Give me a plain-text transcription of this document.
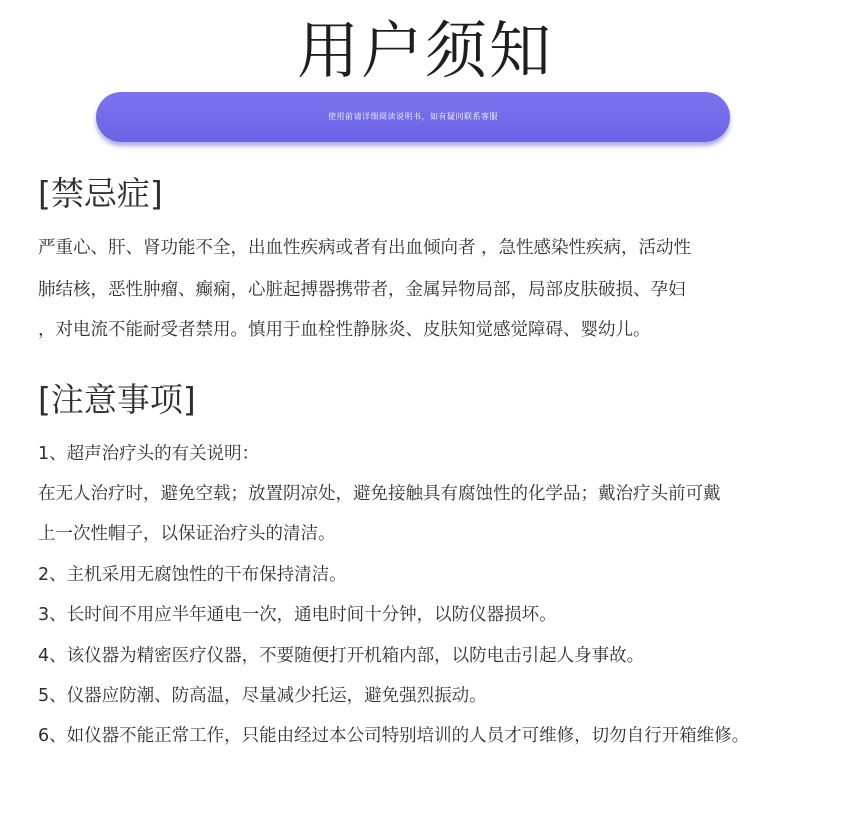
用户须知
使用前请详细阅读说明书，如有疑问联系客服
[禁忌症]
严重心、肝、肾功能不全，出血性疾病或者有出血倾向者 ，急性感染性疾病，活动性
肺结核，恶性肿瘤、癫痫，心脏起搏器携带者，金属异物局部，局部皮肤破损、孕妇
，对电流不能耐受者禁用。慎用于血栓性静脉炎、皮肤知觉感觉障碍、婴幼儿。
[注意事项]
1、超声治疗头的有关说明：
在无人治疗时，避免空载；放置阴凉处，避免接触具有腐蚀性的化学品；戴治疗头前可戴
上一次性帽子，以保证治疗头的清洁。
2、主机采用无腐蚀性的干布保持清洁。
3、长时间不用应半年通电一次，通电时间十分钟，以防仪器损坏。
4、该仪器为精密医疗仪器，不要随便打开机箱内部，以防电击引起人身事故。
5、仪器应防潮、防高温，尽量减少托运，避免强烈振动。
6、如仪器不能正常工作，只能由经过本公司特别培训的人员才可维修，切勿自行开箱维修。
